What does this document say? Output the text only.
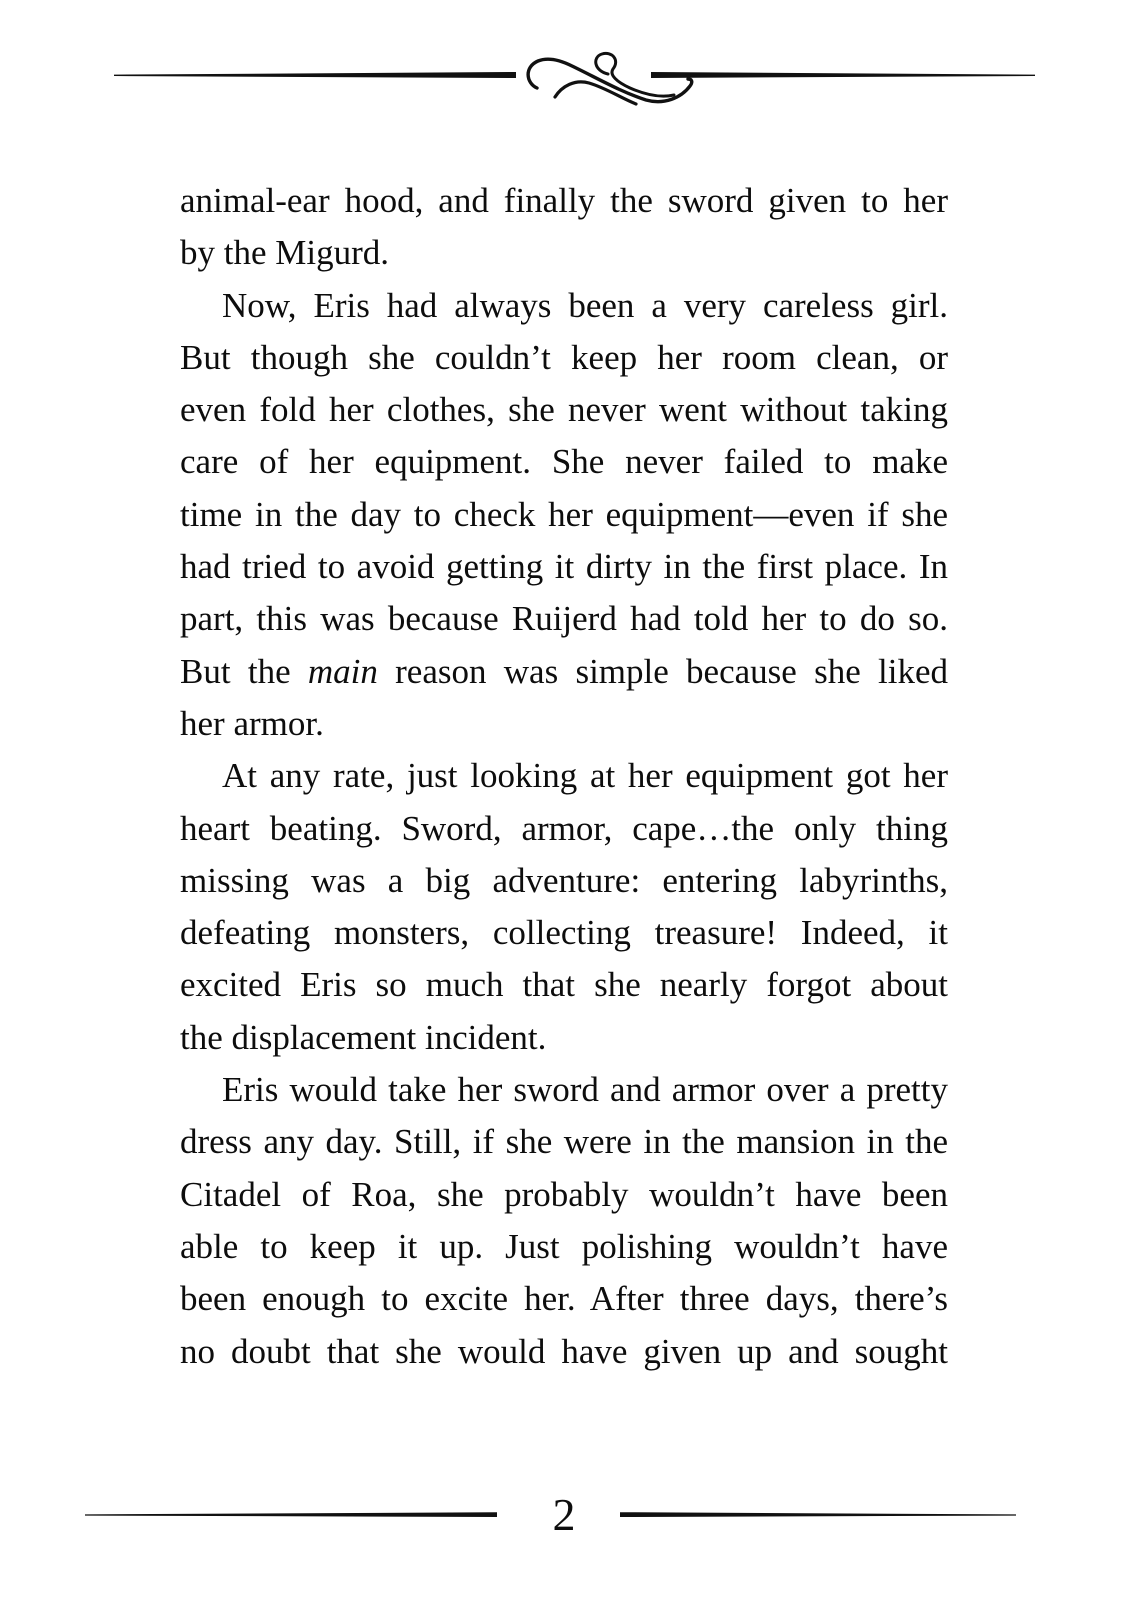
animal-ear hood, and finally the sword given to her
by the Migurd.
Now, Eris had always been a very careless girl.
But though she couldn’t keep her room clean, or
even fold her clothes, she never went without taking
care of her equipment. She never failed to make
time in the day to check her equipment—even if she
had tried to avoid getting it dirty in the first place. In
part, this was because Ruijerd had told her to do so.
But the main reason was simple because she liked
her armor.
At any rate, just looking at her equipment got her
heart beating. Sword, armor, cape…the only thing
missing was a big adventure: entering labyrinths,
defeating monsters, collecting treasure! Indeed, it
excited Eris so much that she nearly forgot about
the displacement incident.
Eris would take her sword and armor over a pretty
dress any day. Still, if she were in the mansion in the
Citadel of Roa, she probably wouldn’t have been
able to keep it up. Just polishing wouldn’t have
been enough to excite her. After three days, there’s
no doubt that she would have given up and sought
2
